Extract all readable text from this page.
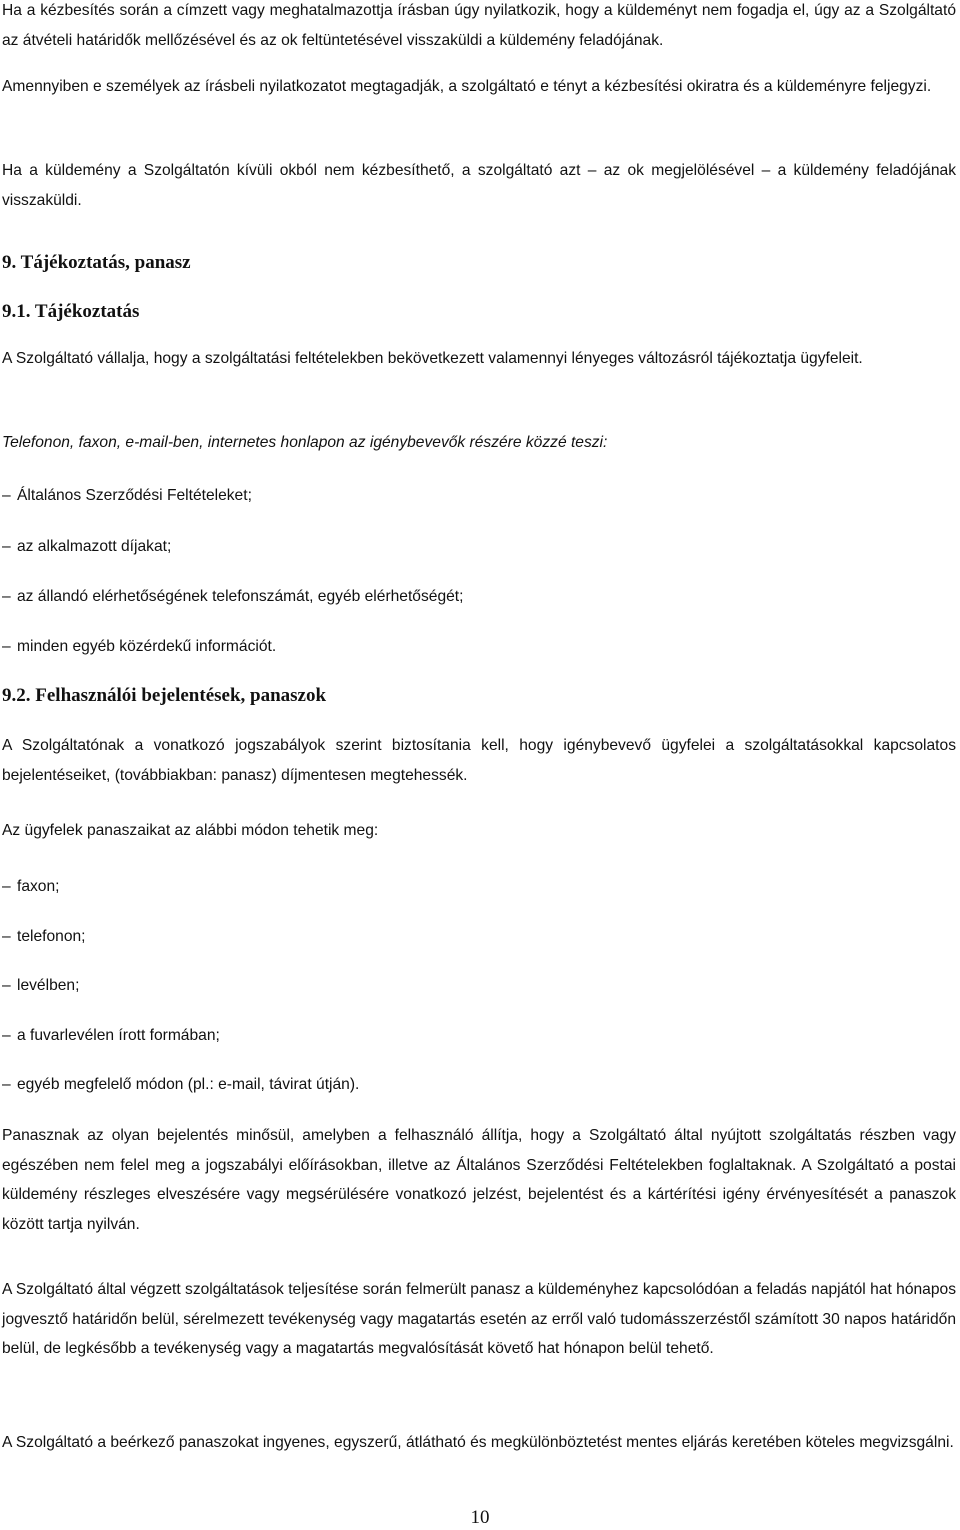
Ha a kézbesítés során a címzett vagy meghatalmazottja írásban úgy nyilatkozik, hogy a küldeményt nem fogadja el, úgy az a Szolgáltató az átvételi határidők mellőzésével és az ok feltüntetésével visszaküldi a küldemény feladójának.

Amennyiben e személyek az írásbeli nyilatkozatot megtagadják, a szolgáltató e tényt a kézbesítési okiratra és a küldeményre feljegyzi.

Ha a küldemény a Szolgáltatón kívüli okból nem kézbesíthető, a szolgáltató azt – az ok megjelölésével – a küldemény feladójának visszaküldi.

9. Tájékoztatás, panasz
9.1. Tájékoztatás

A Szolgáltató vállalja, hogy a szolgáltatási feltételekben bekövetkezett valamennyi lényeges változásról tájékoztatja ügyfeleit.

Telefonon, faxon, e-mail-ben, internetes honlapon az igénybevevők részére közzé teszi:

– Általános Szerződési Feltételeket;
– az alkalmazott díjakat;
– az állandó elérhetőségének telefonszámát, egyéb elérhetőségét;
– minden egyéb közérdekű információt.
9.2. Felhasználói bejelentések, panaszok

A Szolgáltatónak a vonatkozó jogszabályok szerint biztosítania kell, hogy igénybevevő ügyfelei a szolgáltatásokkal kapcsolatos bejelentéseiket, (továbbiakban: panasz) díjmentesen megtehessék.

Az ügyfelek panaszaikat az alábbi módon tehetik meg:

– faxon;
– telefonon;
– levélben;
– a fuvarlevélen írott formában;
– egyéb megfelelő módon (pl.: e-mail, távirat útján).

Panasznak az olyan bejelentés minősül, amelyben a felhasználó állítja, hogy a Szolgáltató által nyújtott szolgáltatás részben vagy egészében nem felel meg a jogszabályi előírásokban, illetve az Általános Szerződési Feltételekben foglaltaknak. A Szolgáltató a postai küldemény részleges elveszésére vagy megsérülésére vonatkozó jelzést, bejelentést és a kártérítési igény érvényesítését a panaszok között tartja nyilván.

A Szolgáltató által végzett szolgáltatások teljesítése során felmerült panasz a küldeményhez kapcsolódóan a feladás napjától hat hónapos jogvesztő határidőn belül, sérelmezett tevékenység vagy magatartás esetén az erről való tudomásszerzéstől számított 30 napos határidőn belül, de legkésőbb a tevékenység vagy a magatartás megvalósítását követő hat hónapon belül tehető.

A Szolgáltató a beérkező panaszokat ingyenes, egyszerű, átlátható és megkülönböztetést mentes eljárás keretében köteles megvizsgálni.

10
